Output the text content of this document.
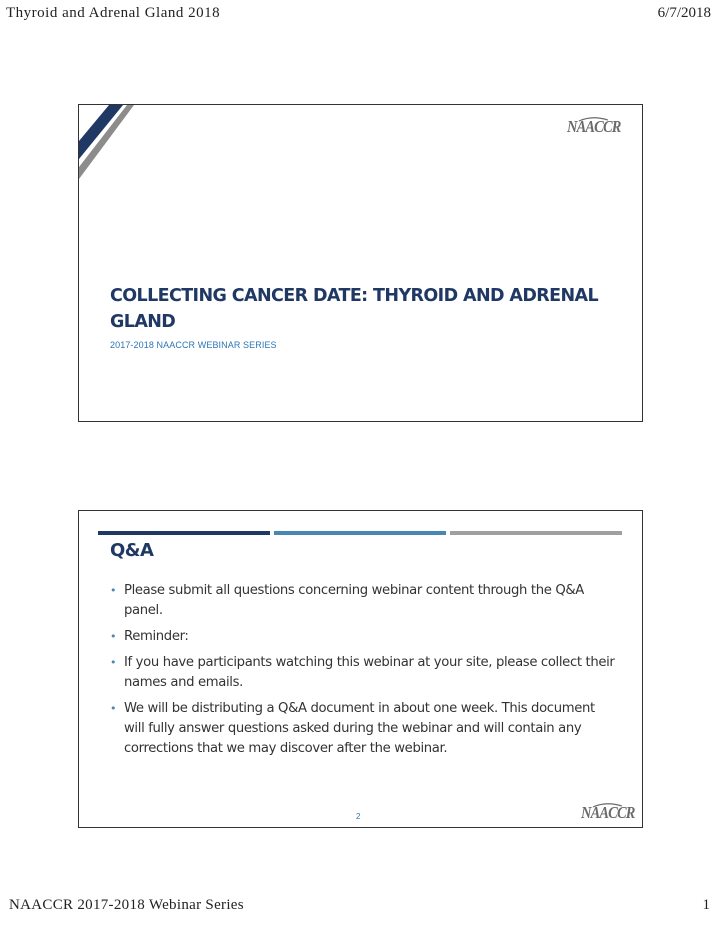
Thyroid and Adrenal Gland 2018	6/7/2018
NAACCR
COLLECTING CANCER DATE: THYROID AND ADRENAL GLAND
2017-2018 NAACCR WEBINAR SERIES
Q&A
• Please submit all questions concerning webinar content through the Q&A panel.
• Reminder:
• If you have participants watching this webinar at your site, please collect their names and emails.
• We will be distributing a Q&A document in about one week. This document will fully answer questions asked during the webinar and will contain any corrections that we may discover after the webinar.
2	NAACCR
NAACCR 2017-2018 Webinar Series	1
